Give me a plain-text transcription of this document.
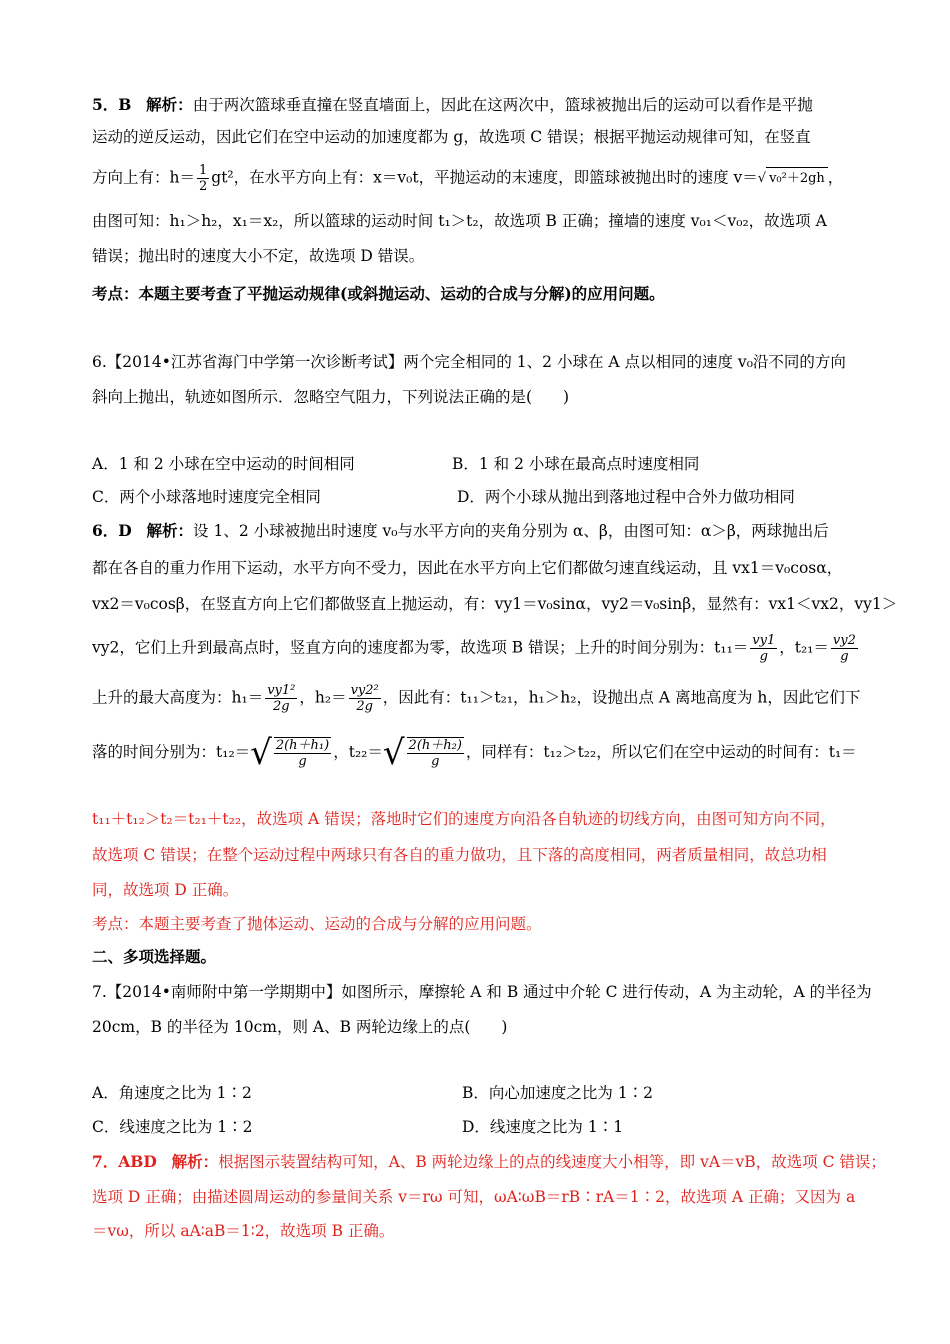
5．B 解析：由于两次篮球垂直撞在竖直墙面上，因此在这两次中，篮球被抛出后的运动可以看作是平抛
运动的逆反运动，因此它们在空中运动的加速度都为 g，故选项 C 错误；根据平抛运动规律可知，在竖直
方向上有：$h= \frac{1}{2} gt^2$，在水平方向上有：x＝v₀t，平抛运动的末速度，即篮球被抛出时的速度 v＝√ v₀²＋2gh ，
由图可知：h₁＞h₂，x₁＝x₂，所以篮球的运动时间 t₁＞t₂，故选项 B 正确；撞墙的速度 v₀₁＜v₀₂，故选项 A
错误；抛出时的速度大小不定，故选项 D 错误。
考点：本题主要考查了平抛运动规律(或斜抛运动、运动的合成与分解)的应用问题。
6.【2014•江苏省海门中学第一次诊断考试】两个完全相同的 1、2 小球在 A 点以相同的速度 v₀沿不同的方向
斜向上抛出，轨迹如图所示．忽略空气阻力，下列说法正确的是(　　)
A．1 和 2 小球在空中运动的时间相同	B．1 和 2 小球在最高点时速度相同
C．两个小球落地时速度完全相同	D．两个小球从抛出到落地过程中合外力做功相同
6．D 解析：设 1、2 小球被抛出时速度 v₀与水平方向的夹角分别为 α、β，由图可知：α＞β，两球抛出后
都在各自的重力作用下运动，水平方向不受力，因此在水平方向上它们都做匀速直线运动，且 vx1＝v₀cosα，
vx2＝v₀cosβ，在竖直方向上它们都做竖直上抛运动，有：vy1＝v₀sinα，vy2＝v₀sinβ，显然有：vx1＜vx2，vy1＞
vy2，它们上升到最高点时，竖直方向的速度都为零，故选项 B 错误；上升的时间分别为：$t_{11}= \frac{vy1}{g}$ ，$t_{21}= \frac{vy2}{g}$
上升的最大高度为：$h_1= \frac{\text{vy1²}}{2g}$ ，$h_2= \frac{\text{vy2²}}{2g}$ ，因此有：t₁₁＞t₂₁，h₁＞h₂，设抛出点 A 离地高度为 h，因此它们下
落的时间分别为：$t_{12}=√ \frac{\text{2(h＋h₁)}}{g}$ ，$t_{22}=√ \frac{\text{2(h＋h₂)}}{g}$ ，同样有：t₁₂＞t₂₂，所以它们在空中运动的时间有：t₁＝
t₁₁＋t₁₂＞t₂＝t₂₁＋t₂₂，故选项 A 错误；落地时它们的速度方向沿各自轨迹的切线方向，由图可知方向不同，
故选项 C 错误；在整个运动过程中两球只有各自的重力做功，且下落的高度相同，两者质量相同，故总功相
同，故选项 D 正确。
考点：本题主要考查了抛体运动、运动的合成与分解的应用问题。
二、多项选择题。
7.【2014•南师附中第一学期期中】如图所示，摩擦轮 A 和 B 通过中介轮 C 进行传动，A 为主动轮，A 的半径为
20cm，B 的半径为 10cm，则 A、B 两轮边缘上的点(　　)
A．角速度之比为 1∶2	B．向心加速度之比为 1∶2
C．线速度之比为 1∶2	D．线速度之比为 1∶1
7．ABD 解析：根据图示装置结构可知，A、B 两轮边缘上的点的线速度大小相等，即 vA＝vB，故选项 C 错误；
选项 D 正确；由描述圆周运动的参量间关系 v＝rω 可知，ωA∶ωB＝rB∶rA＝1∶2，故选项 A 正确；又因为 a
＝vω，所以 aA∶aB＝1∶2，故选项 B 正确。
